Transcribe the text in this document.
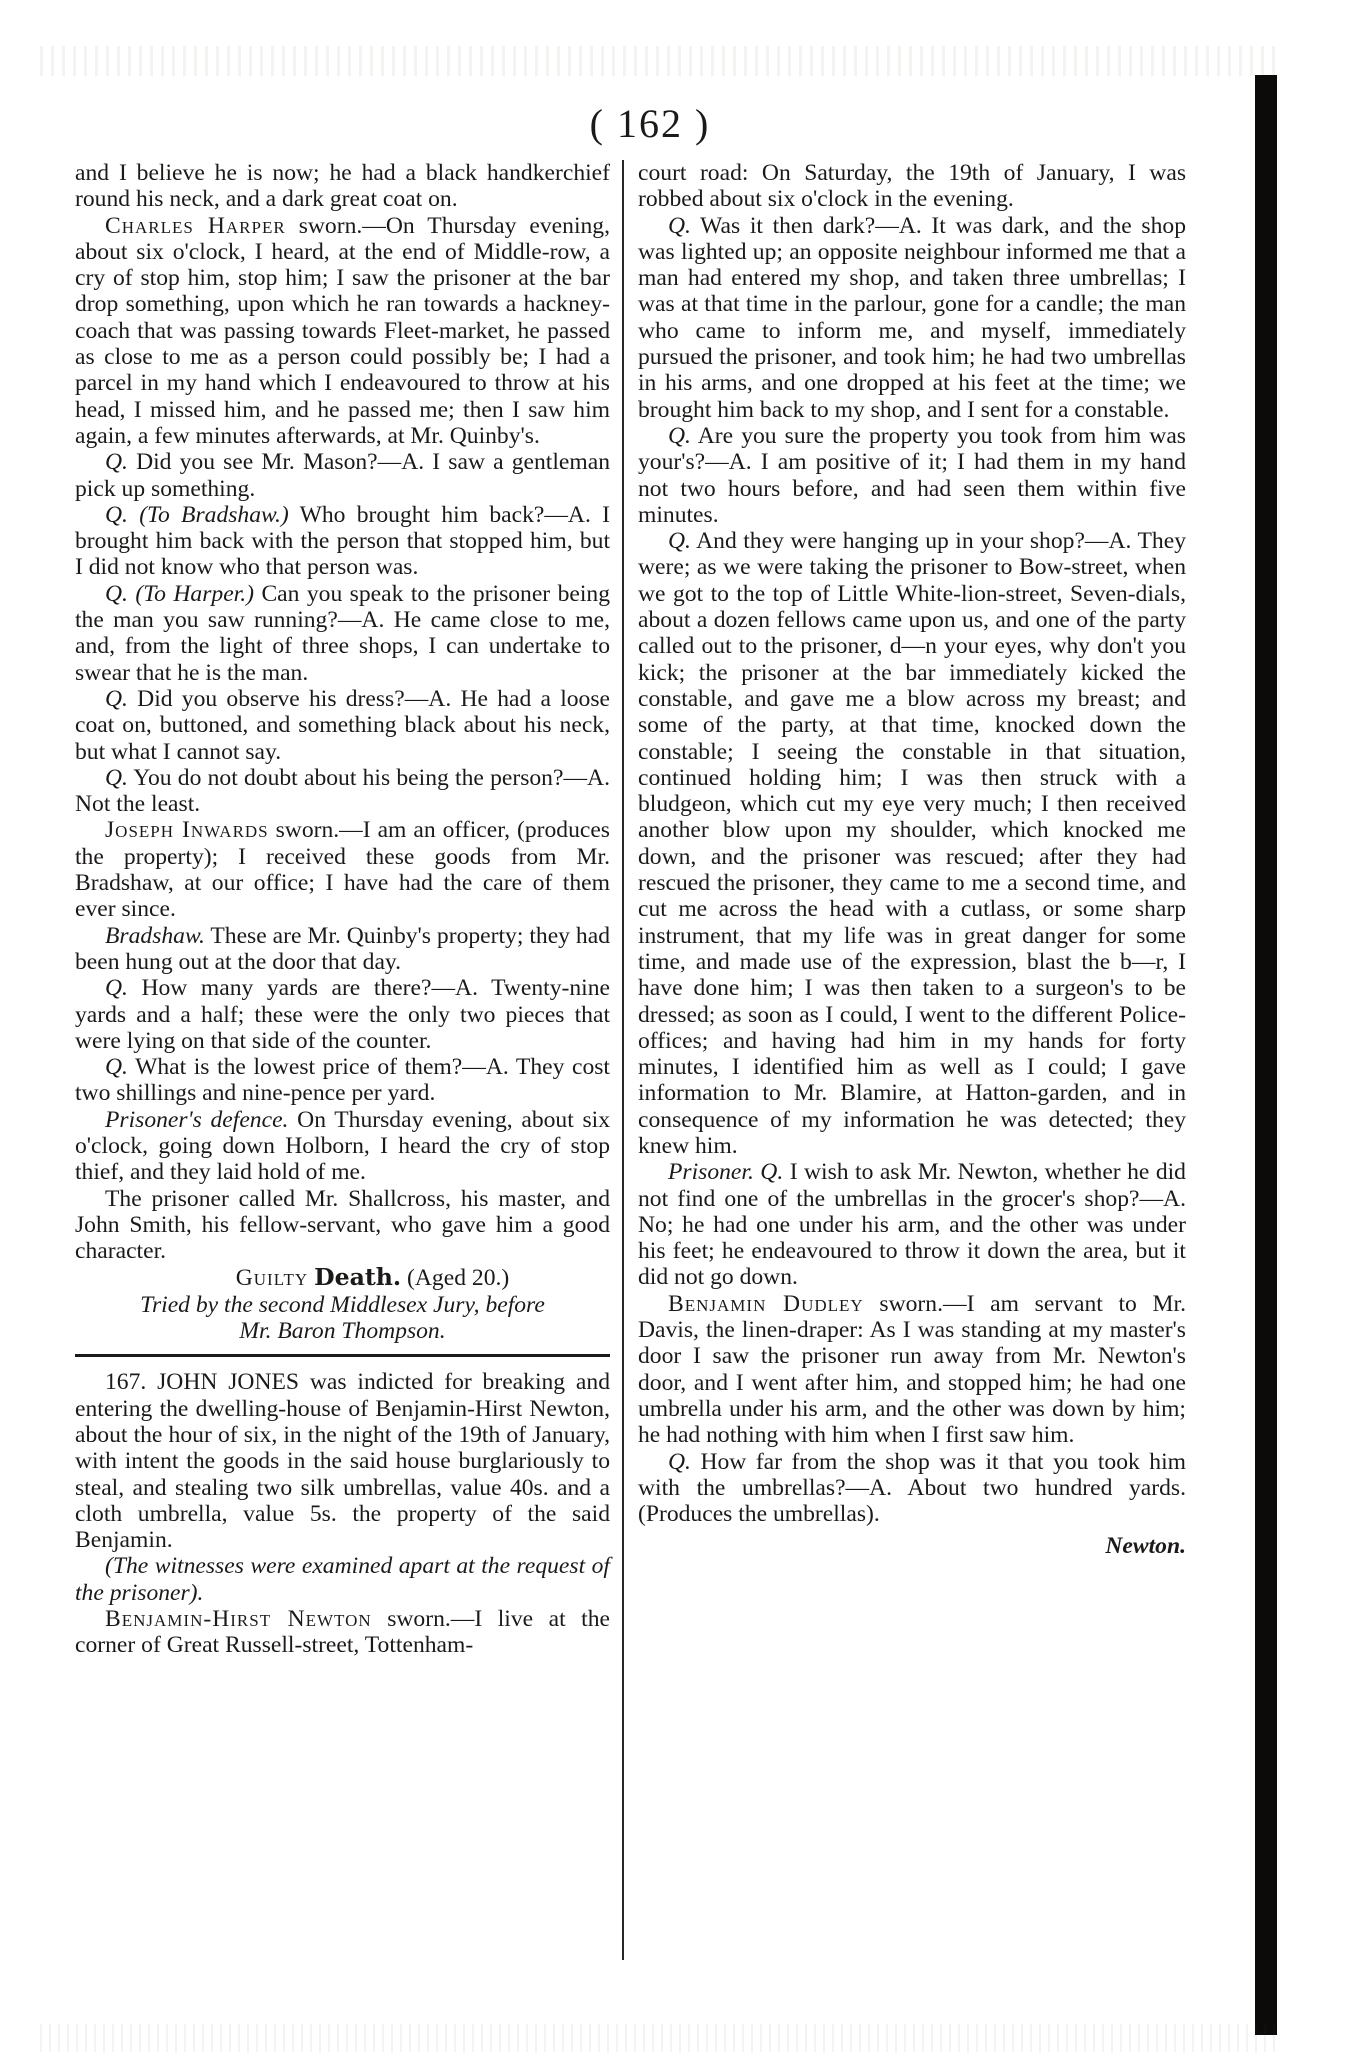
( 162 )

and I believe he is now; he had a black handkerchief round his neck, and a dark great coat on.

Charles Harper sworn.—On Thursday evening, about six o'clock, I heard, at the end of Middle-row, a cry of stop him, stop him; I saw the prisoner at the bar drop something, upon which he ran towards a hackney-coach that was passing towards Fleet-market, he passed as close to me as a person could possibly be; I had a parcel in my hand which I endeavoured to throw at his head, I missed him, and he passed me; then I saw him again, a few minutes afterwards, at Mr. Quinby's.

Q. Did you see Mr. Mason?—A. I saw a gentleman pick up something.

Q. (To Bradshaw.) Who brought him back?—A. I brought him back with the person that stopped him, but I did not know who that person was.

Q. (To Harper.) Can you speak to the prisoner being the man you saw running?—A. He came close to me, and, from the light of three shops, I can undertake to swear that he is the man.

Q. Did you observe his dress?—A. He had a loose coat on, buttoned, and something black about his neck, but what I cannot say.

Q. You do not doubt about his being the person?—A. Not the least.

Joseph Inwards sworn.—I am an officer, (produces the property); I received these goods from Mr. Bradshaw, at our office; I have had the care of them ever since.

Bradshaw. These are Mr. Quinby's property; they had been hung out at the door that day.

Q. How many yards are there?—A. Twenty-nine yards and a half; these were the only two pieces that were lying on that side of the counter.

Q. What is the lowest price of them?—A. They cost two shillings and nine-pence per yard.

Prisoner's defence. On Thursday evening, about six o'clock, going down Holborn, I heard the cry of stop thief, and they laid hold of me.

The prisoner called Mr. Shallcross, his master, and John Smith, his fellow-servant, who gave him a good character.

Guilty Death. (Aged 20.)

Tried by the second Middlesex Jury, before

Mr. Baron Thompson.

167. JOHN JONES was indicted for breaking and entering the dwelling-house of Benjamin-Hirst Newton, about the hour of six, in the night of the 19th of January, with intent the goods in the said house burglariously to steal, and stealing two silk umbrellas, value 40s. and a cloth umbrella, value 5s. the property of the said Benjamin.

(The witnesses were examined apart at the request of the prisoner).

Benjamin-Hirst Newton sworn.—I live at the corner of Great Russell-street, Tottenham-

court road: On Saturday, the 19th of January, I was robbed about six o'clock in the evening.

Q. Was it then dark?—A. It was dark, and the shop was lighted up; an opposite neighbour informed me that a man had entered my shop, and taken three umbrellas; I was at that time in the parlour, gone for a candle; the man who came to inform me, and myself, immediately pursued the prisoner, and took him; he had two umbrellas in his arms, and one dropped at his feet at the time; we brought him back to my shop, and I sent for a constable.

Q. Are you sure the property you took from him was your's?—A. I am positive of it; I had them in my hand not two hours before, and had seen them within five minutes.

Q. And they were hanging up in your shop?—A. They were; as we were taking the prisoner to Bow-street, when we got to the top of Little White-lion-street, Seven-dials, about a dozen fellows came upon us, and one of the party called out to the prisoner, d—n your eyes, why don't you kick; the prisoner at the bar immediately kicked the constable, and gave me a blow across my breast; and some of the party, at that time, knocked down the constable; I seeing the constable in that situation, continued holding him; I was then struck with a bludgeon, which cut my eye very much; I then received another blow upon my shoulder, which knocked me down, and the prisoner was rescued; after they had rescued the prisoner, they came to me a second time, and cut me across the head with a cutlass, or some sharp instrument, that my life was in great danger for some time, and made use of the expression, blast the b—r, I have done him; I was then taken to a surgeon's to be dressed; as soon as I could, I went to the different Police-offices; and having had him in my hands for forty minutes, I identified him as well as I could; I gave information to Mr. Blamire, at Hatton-garden, and in consequence of my information he was detected; they knew him.

Prisoner. Q. I wish to ask Mr. Newton, whether he did not find one of the umbrellas in the grocer's shop?—A. No; he had one under his arm, and the other was under his feet; he endeavoured to throw it down the area, but it did not go down.

Benjamin Dudley sworn.—I am servant to Mr. Davis, the linen-draper: As I was standing at my master's door I saw the prisoner run away from Mr. Newton's door, and I went after him, and stopped him; he had one umbrella under his arm, and the other was down by him; he had nothing with him when I first saw him.

Q. How far from the shop was it that you took him with the umbrellas?—A. About two hundred yards. (Produces the umbrellas).

Newton.
